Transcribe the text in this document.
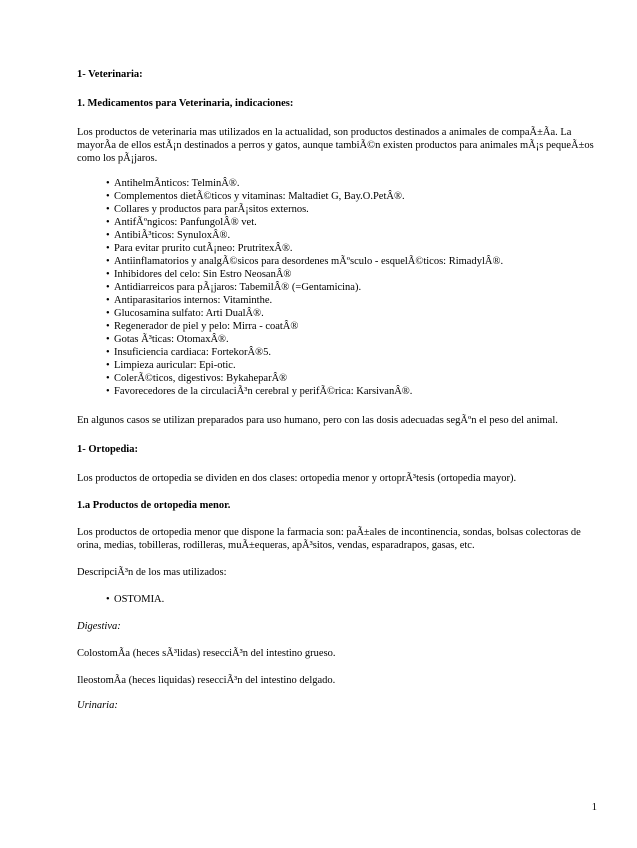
1- Veterinaria:

1. Medicamentos para Veterinaria, indicaciones:

Los productos de veterinaria mas utilizados en la actualidad, son productos destinados a animales de compaÃ±Ãa. La mayorÃa de ellos estÃ¡n destinados a perros y gatos, aunque tambiÃ©n existen productos para animales mÃ¡s pequeÃ±os como los pÃ¡jaros.

• AntihelmÃnticos: TelminÂ®.
• Complementos dietÃ©ticos y vitaminas: Maltadiet G, Bay.O.PetÂ®.
• Collares y productos para parÃ¡sitos externos.
• AntifÃºngicos: PanfungolÂ® vet.
• AntibiÃ³ticos: SynuloxÂ®.
• Para evitar prurito cutÃ¡neo: PrutritexÂ®.
• Antiinflamatorios y analgÃ©sicos para desordenes mÃºsculo - esquelÃ©ticos: RimadylÂ®.
• Inhibidores del celo: Sin Estro NeosanÂ®
• Antidiarreicos para pÃ¡jaros: TabemilÂ® (=Gentamicina).
• Antiparasitarios internos: Vitaminthe.
• Glucosamina sulfato: Arti DualÂ®.
• Regenerador de piel y pelo: Mirra - coatÂ®
• Gotas Ã³ticas: OtomaxÂ®.
• Insuficiencia cardiaca: FortekorÂ®5.
• Limpieza auricular: Epi-otic.
• ColerÃ©ticos, digestivos: BykaheparÂ®
• Favorecedores de la circulaciÃ³n cerebral y perifÃ©rica: KarsivanÂ®.

En algunos casos se utilizan preparados para uso humano, pero con las dosis adecuadas segÃºn el peso del animal.

1- Ortopedia:

Los productos de ortopedia se dividen en dos clases: ortopedia menor y ortoprÃ³tesis (ortopedia mayor).

1.a Productos de ortopedia menor.

Los productos de ortopedia menor que dispone la farmacia son: paÃ±ales de incontinencia, sondas, bolsas colectoras de orina, medias, tobilleras, rodilleras, muÃ±equeras, apÃ³sitos, vendas, esparadrapos, gasas, etc.

DescripciÃ³n de los mas utilizados:

• OSTOMIA.

Digestiva:

ColostomÃa (heces sÃ³lidas) resecciÃ³n del intestino grueso.

IleostomÃa (heces liquidas) resecciÃ³n del intestino delgado.

Urinaria:

1
